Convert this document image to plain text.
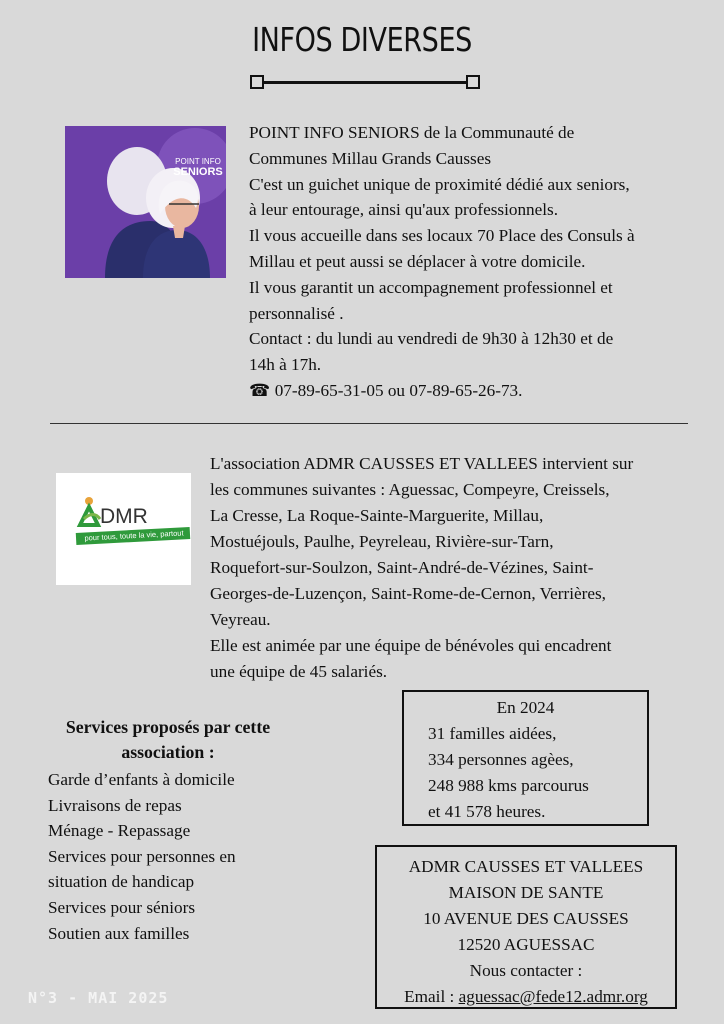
INFOS DIVERSES
POINT INFO
SENIORS

POINT INFO SENIORS de la Communauté de

Communes Millau Grands Causses

C'est un guichet unique de proximité dédié aux seniors,

à leur entourage, ainsi qu'aux professionnels.

Il vous accueille dans ses locaux 70 Place des Consuls à

Millau et peut aussi se déplacer à votre domicile.

Il vous garantit un accompagnement professionnel et

personnalisé .

Contact : du lundi au vendredi de 9h30 à 12h30 et de

14h à 17h.

☎ 07-89-65-31-05 ou 07-89-65-26-73.

DMR
pour tous, toute la vie, partout

L'association ADMR CAUSSES ET VALLEES intervient sur

les communes suivantes : Aguessac, Compeyre, Creissels,

La Cresse, La Roque-Sainte-Marguerite, Millau,

Mostuéjouls, Paulhe, Peyreleau, Rivière-sur-Tarn,

Roquefort-sur-Soulzon, Saint-André-de-Vézines, Saint-

Georges-de-Luzençon, Saint-Rome-de-Cernon, Verrières,

Veyreau.

Elle est animée par une équipe de bénévoles qui encadrent

une équipe de 45 salariés.

Services proposés par cette
association :

Garde d’enfants à domicile

Livraisons de repas

Ménage - Repassage

Services pour personnes en

situation de handicap

Services pour séniors

Soutien aux familles

En 2024
31 familles aidées,
334 personnes agèes,
248 988 kms parcourus
et 41 578 heures.
ADMR CAUSSES ET VALLEES
MAISON DE SANTE
10 AVENUE DES CAUSSES
12520 AGUESSAC
Nous contacter :
Email : aguessac@fede12.admr.org
N°3 - MAI 2025
